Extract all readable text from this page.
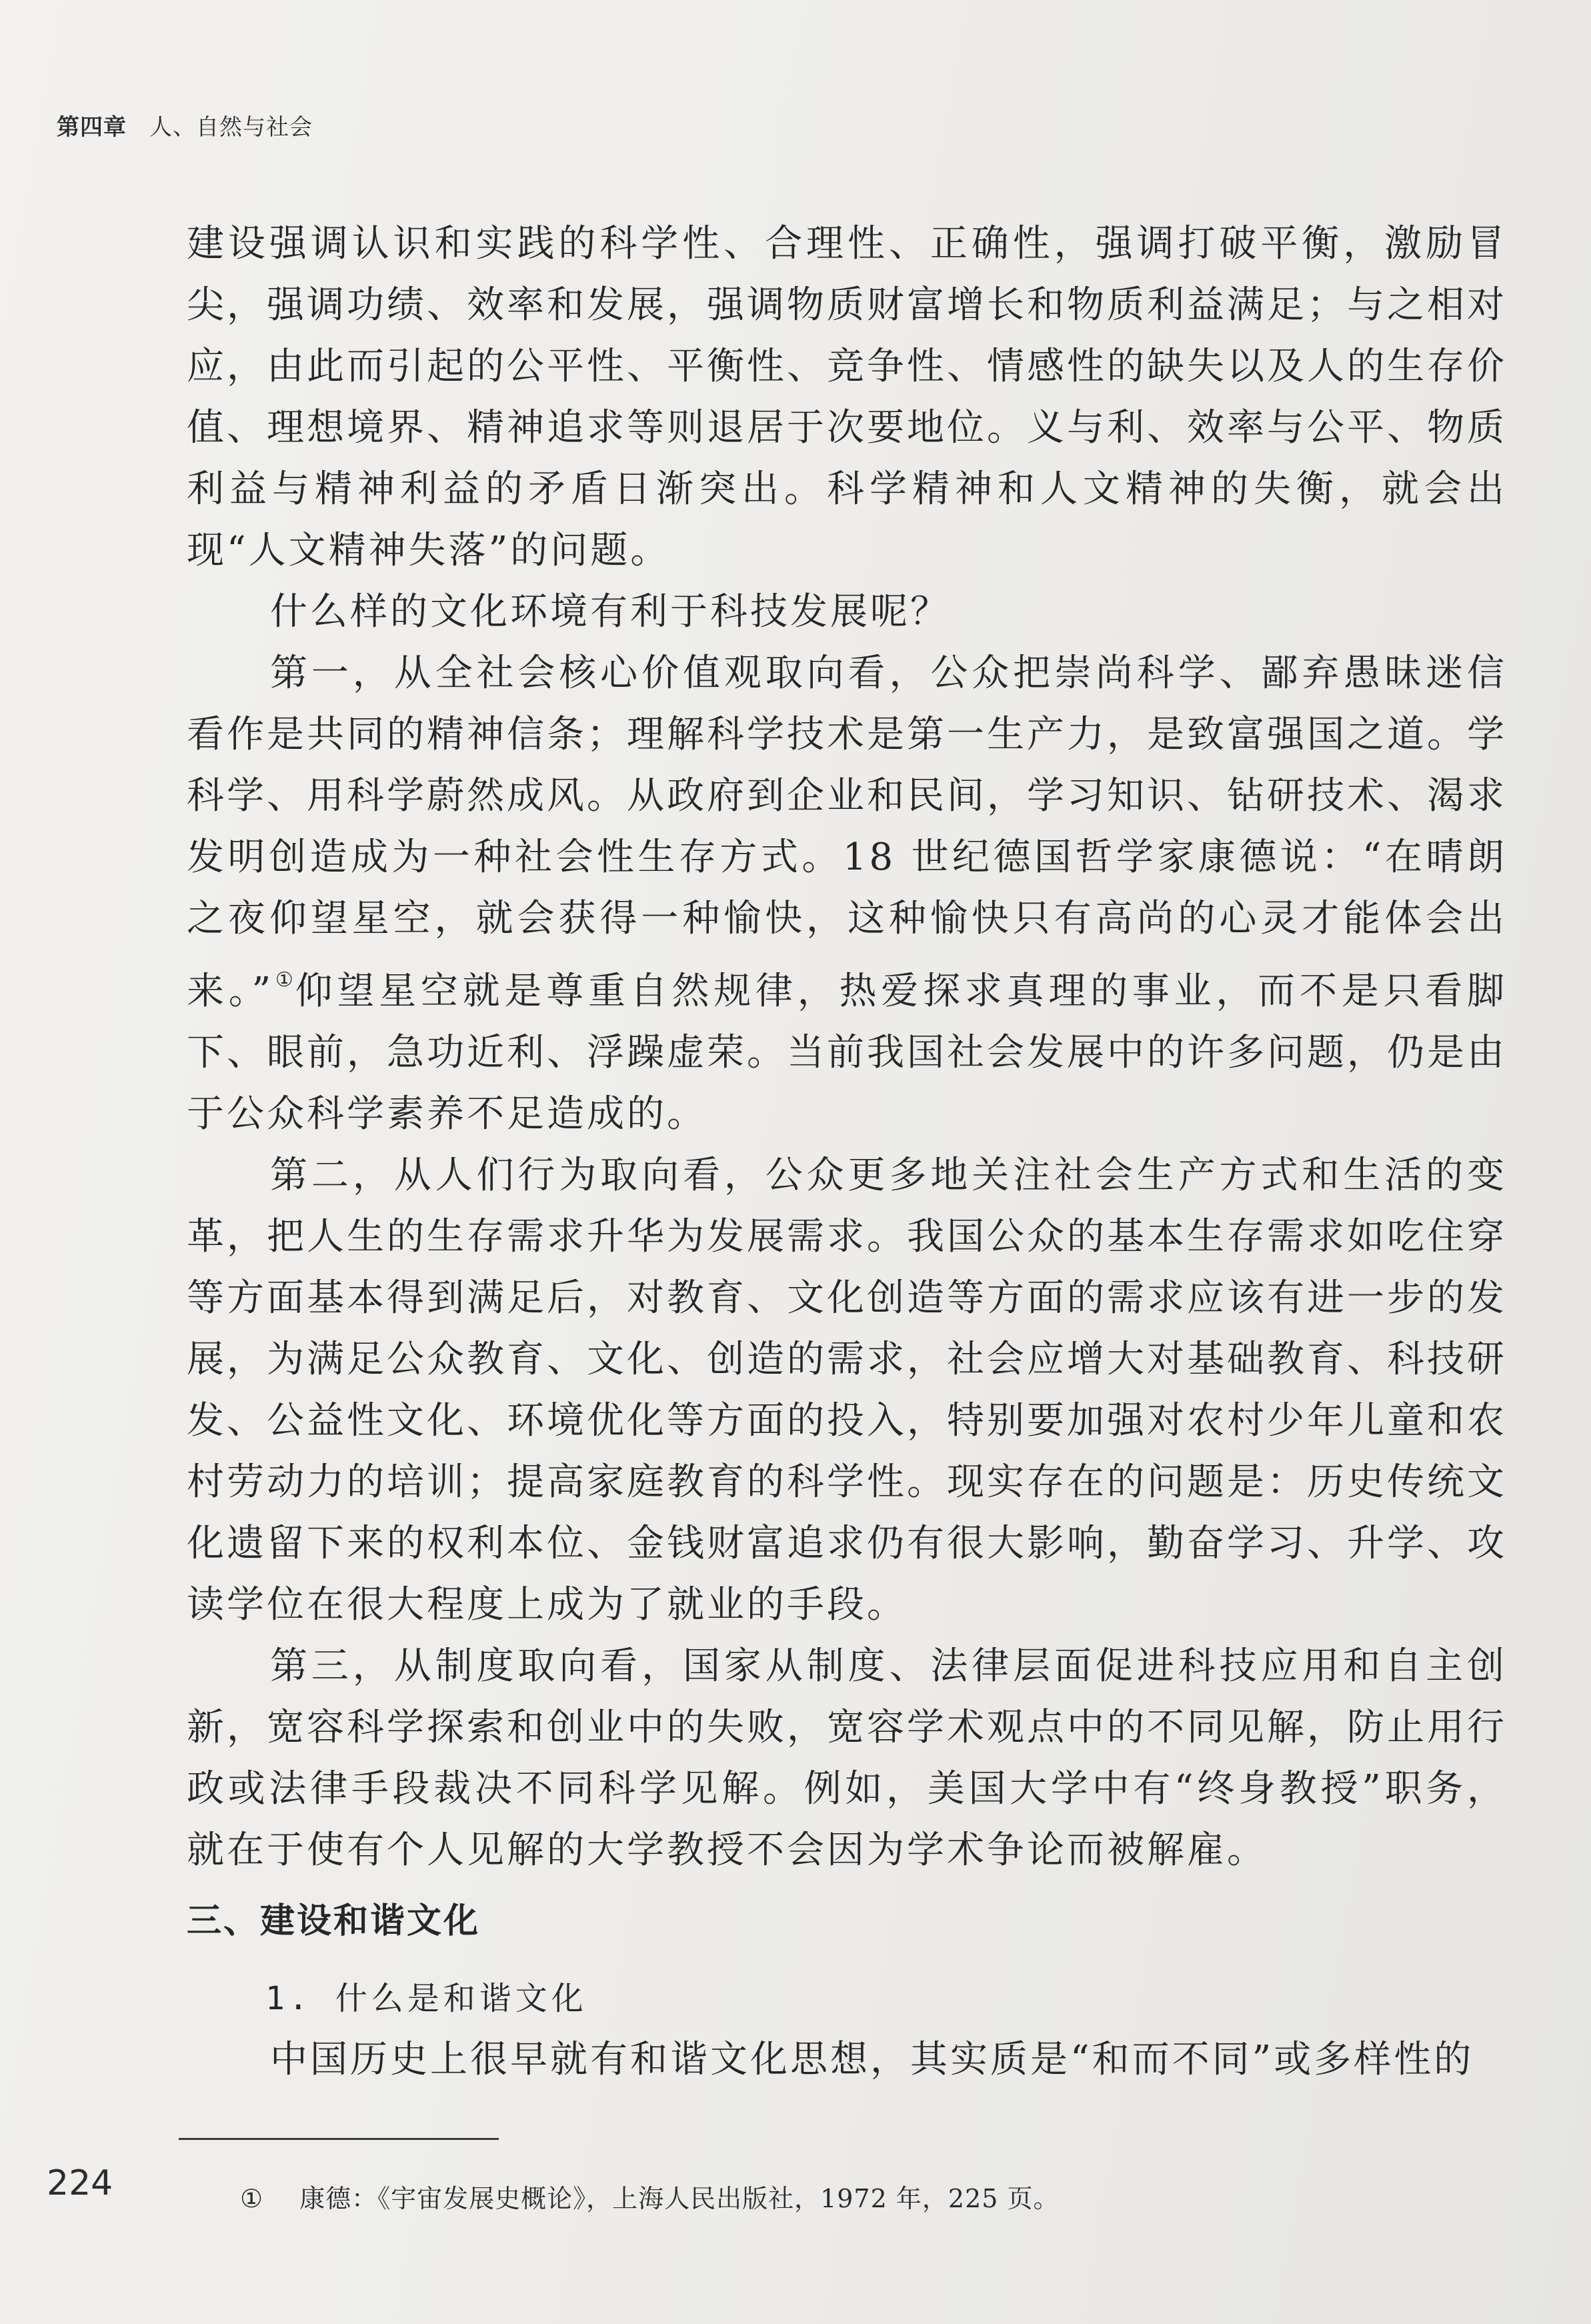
第四章 人、自然与社会

建设强调认识和实践的科学性、合理性、正确性，强调打破平衡，激励冒尖，强调功绩、效率和发展，强调物质财富增长和物质利益满足；与之相对应，由此而引起的公平性、平衡性、竞争性、情感性的缺失以及人的生存价值、理想境界、精神追求等则退居于次要地位。义与利、效率与公平、物质利益与精神利益的矛盾日渐突出。科学精神和人文精神的失衡，就会出现“人文精神失落”的问题。

什么样的文化环境有利于科技发展呢？

第一，从全社会核心价值观取向看，公众把崇尚科学、鄙弃愚昧迷信看作是共同的精神信条；理解科学技术是第一生产力，是致富强国之道。学科学、用科学蔚然成风。从政府到企业和民间，学习知识、钻研技术、渴求发明创造成为一种社会性生存方式。18 世纪德国哲学家康德说：“在晴朗之夜仰望星空，就会获得一种愉快，这种愉快只有高尚的心灵才能体会出来。”①仰望星空就是尊重自然规律，热爱探求真理的事业，而不是只看脚下、眼前，急功近利、浮躁虚荣。当前我国社会发展中的许多问题，仍是由于公众科学素养不足造成的。

第二，从人们行为取向看，公众更多地关注社会生产方式和生活的变革，把人生的生存需求升华为发展需求。我国公众的基本生存需求如吃住穿等方面基本得到满足后，对教育、文化创造等方面的需求应该有进一步的发展，为满足公众教育、文化、创造的需求，社会应增大对基础教育、科技研发、公益性文化、环境优化等方面的投入，特别要加强对农村少年儿童和农村劳动力的培训；提高家庭教育的科学性。现实存在的问题是：历史传统文化遗留下来的权利本位、金钱财富追求仍有很大影响，勤奋学习、升学、攻读学位在很大程度上成为了就业的手段。

第三，从制度取向看，国家从制度、法律层面促进科技应用和自主创新，宽容科学探索和创业中的失败，宽容学术观点中的不同见解，防止用行政或法律手段裁决不同科学见解。例如，美国大学中有“终身教授”职务，就在于使有个人见解的大学教授不会因为学术争论而被解雇。

三、建设和谐文化
1. 什么是和谐文化

中国历史上很早就有和谐文化思想，其实质是“和而不同”或多样性的

224	① 康德：《宇宙发展史概论》，上海人民出版社，1972 年，225 页。
